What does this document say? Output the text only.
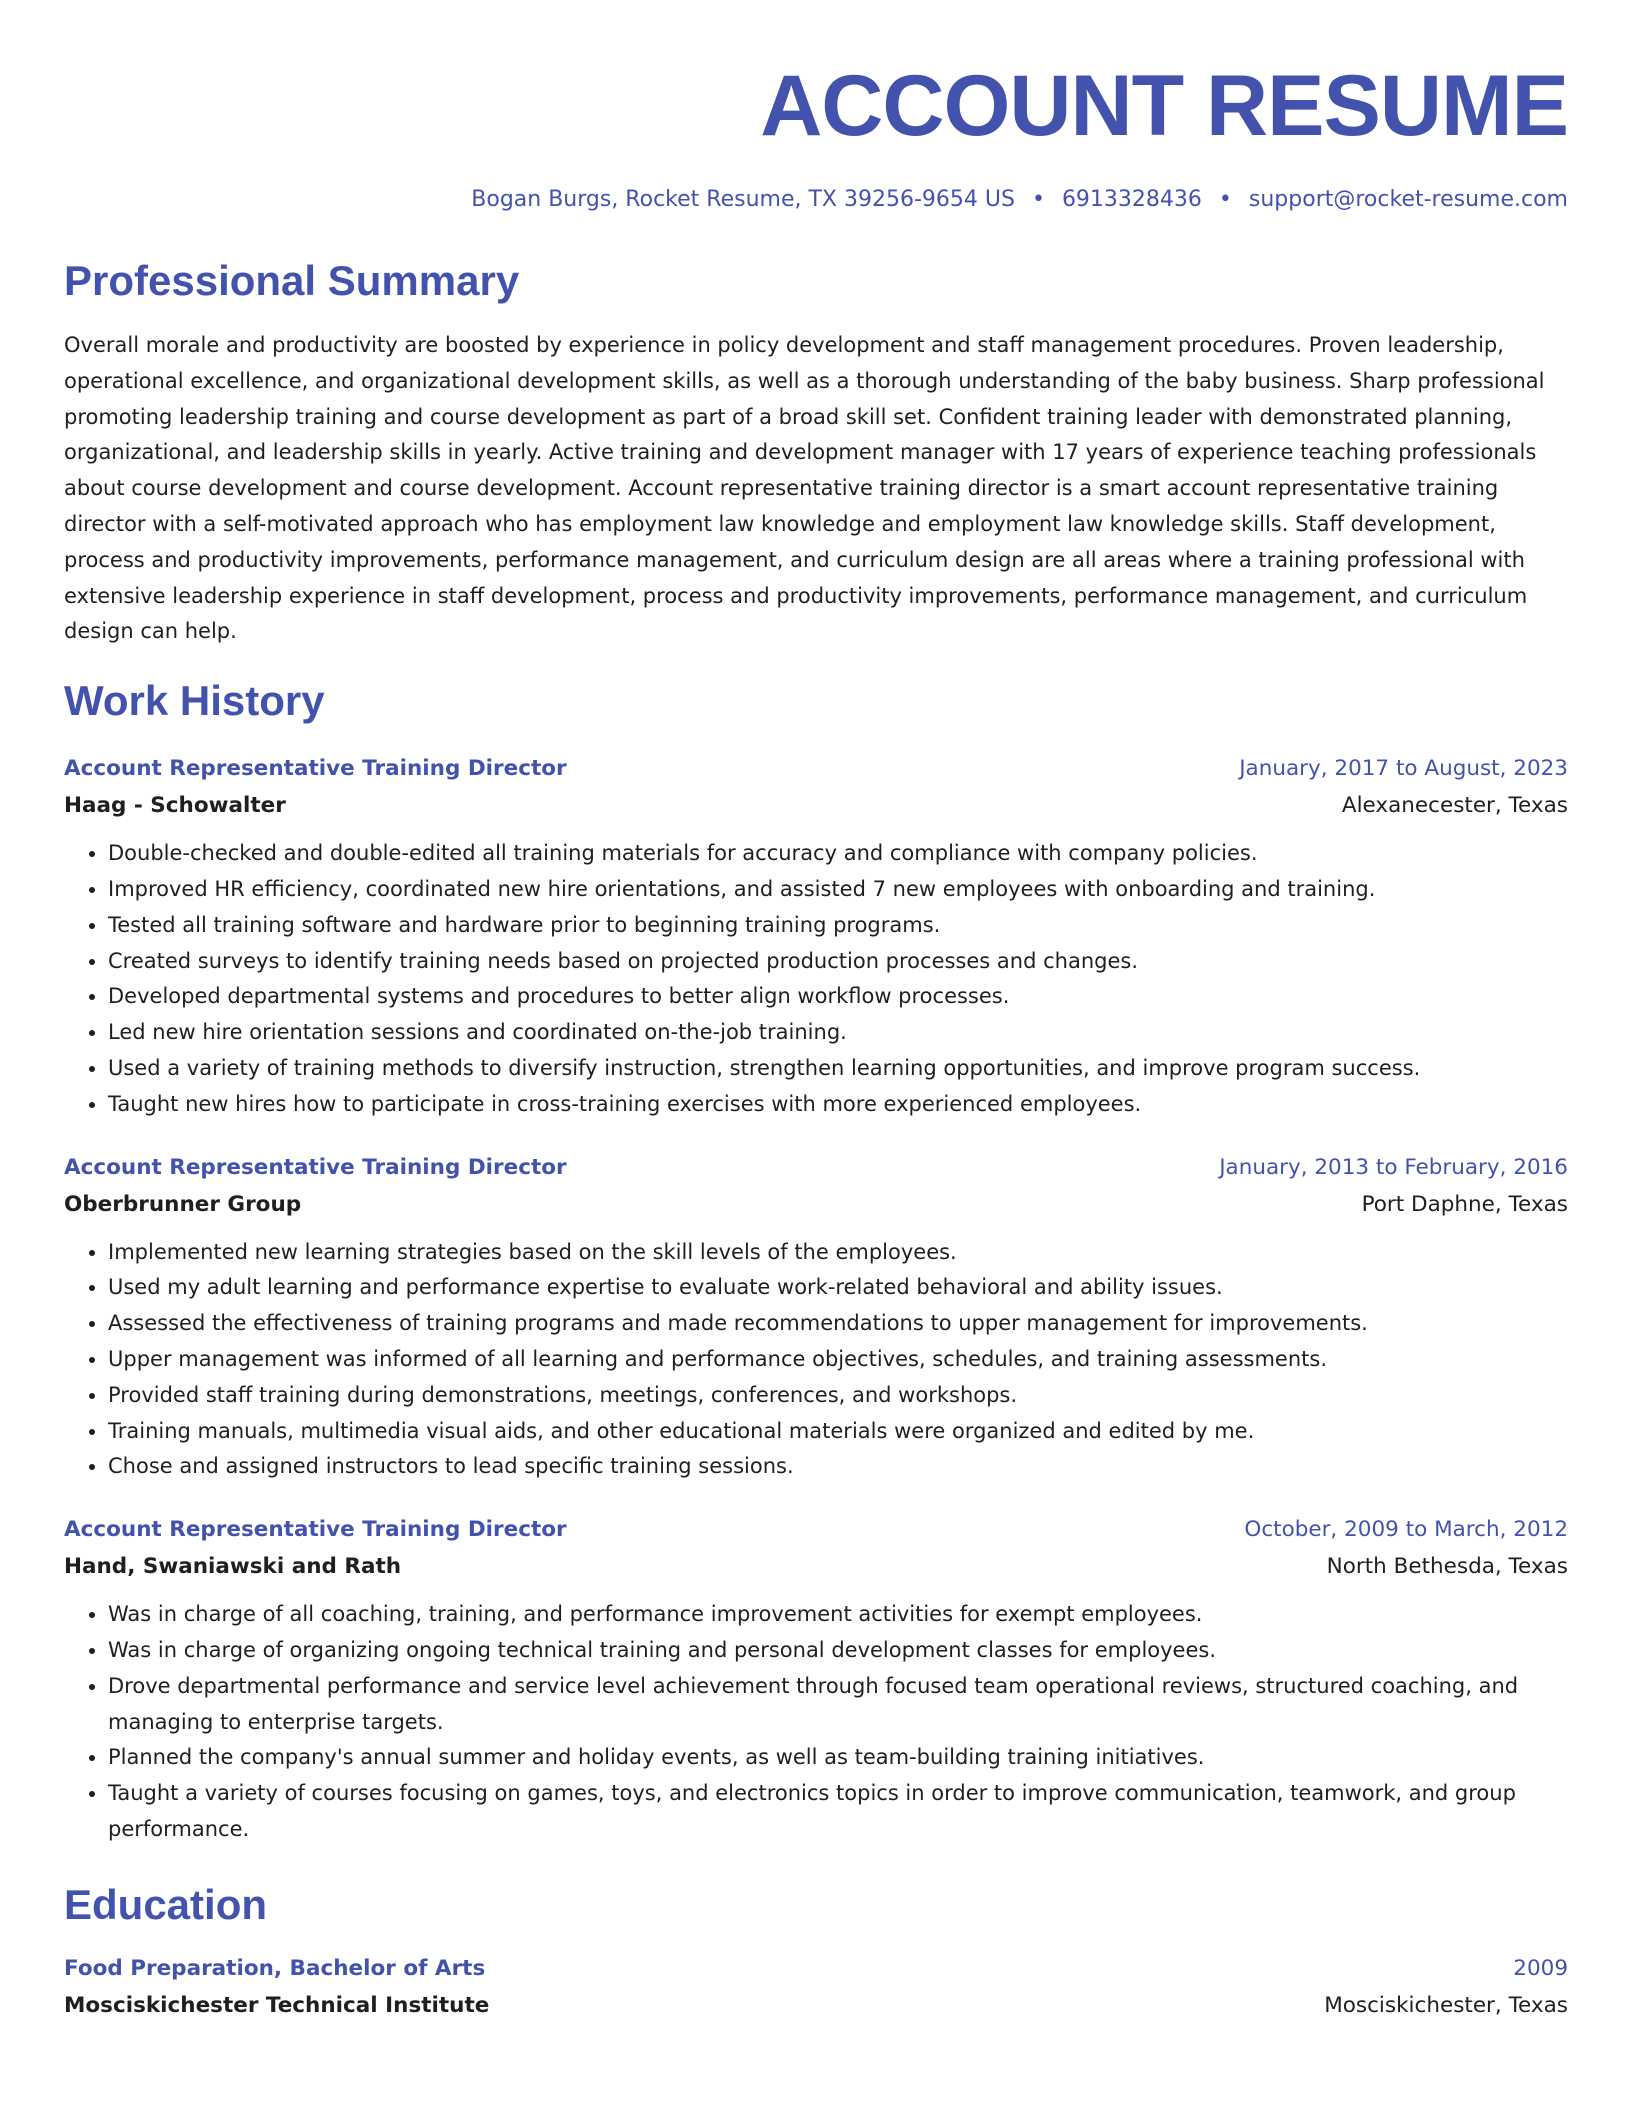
ACCOUNT RESUME
Bogan Burgs, Rocket Resume, TX 39256-9654 US • 6913328436 • support@rocket-resume.com
Professional Summary

Overall morale and productivity are boosted by experience in policy development and staff management procedures. Proven leadership, operational excellence, and organizational development skills, as well as a thorough understanding of the baby business. Sharp professional promoting leadership training and course development as part of a broad skill set. Confident training leader with demonstrated planning, organizational, and leadership skills in yearly. Active training and development manager with 17 years of experience teaching professionals about course development and course development. Account representative training director is a smart account representative training director with a self-motivated approach who has employment law knowledge and employment law knowledge skills. Staff development, process and productivity improvements, performance management, and curriculum design are all areas where a training professional with extensive leadership experience in staff development, process and productivity improvements, performance management, and curriculum design can help.

Work History
Account Representative Training Director	January, 2017 to August, 2023
Haag - Schowalter	Alexanecester, Texas
• Double-checked and double-edited all training materials for accuracy and compliance with company policies.
• Improved HR efficiency, coordinated new hire orientations, and assisted 7 new employees with onboarding and training.
• Tested all training software and hardware prior to beginning training programs.
• Created surveys to identify training needs based on projected production processes and changes.
• Developed departmental systems and procedures to better align workflow processes.
• Led new hire orientation sessions and coordinated on-the-job training.
• Used a variety of training methods to diversify instruction, strengthen learning opportunities, and improve program success.
• Taught new hires how to participate in cross-training exercises with more experienced employees.
Account Representative Training Director	January, 2013 to February, 2016
Oberbrunner Group	Port Daphne, Texas
• Implemented new learning strategies based on the skill levels of the employees.
• Used my adult learning and performance expertise to evaluate work-related behavioral and ability issues.
• Assessed the effectiveness of training programs and made recommendations to upper management for improvements.
• Upper management was informed of all learning and performance objectives, schedules, and training assessments.
• Provided staff training during demonstrations, meetings, conferences, and workshops.
• Training manuals, multimedia visual aids, and other educational materials were organized and edited by me.
• Chose and assigned instructors to lead specific training sessions.
Account Representative Training Director	October, 2009 to March, 2012
Hand, Swaniawski and Rath	North Bethesda, Texas
• Was in charge of all coaching, training, and performance improvement activities for exempt employees.
• Was in charge of organizing ongoing technical training and personal development classes for employees.
• Drove departmental performance and service level achievement through focused team operational reviews, structured coaching, and managing to enterprise targets.
• Planned the company's annual summer and holiday events, as well as team-building training initiatives.
• Taught a variety of courses focusing on games, toys, and electronics topics in order to improve communication, teamwork, and group performance.
Education
Food Preparation, Bachelor of Arts	2009
Mosciskichester Technical Institute	Mosciskichester, Texas
